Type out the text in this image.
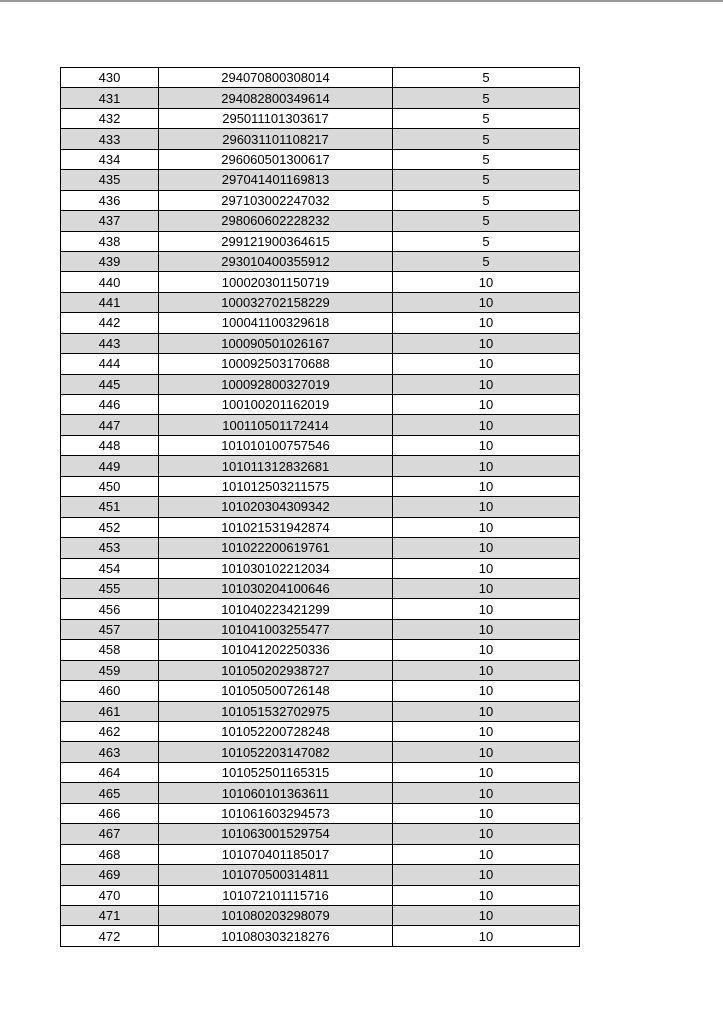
430	294070800308014	5
431	294082800349614	5
432	295011101303617	5
433	296031101108217	5
434	296060501300617	5
435	297041401169813	5
436	297103002247032	5
437	298060602228232	5
438	299121900364615	5
439	293010400355912	5
440	100020301150719	10
441	100032702158229	10
442	100041100329618	10
443	100090501026167	10
444	100092503170688	10
445	100092800327019	10
446	100100201162019	10
447	100110501172414	10
448	101010100757546	10
449	101011312832681	10
450	101012503211575	10
451	101020304309342	10
452	101021531942874	10
453	101022200619761	10
454	101030102212034	10
455	101030204100646	10
456	101040223421299	10
457	101041003255477	10
458	101041202250336	10
459	101050202938727	10
460	101050500726148	10
461	101051532702975	10
462	101052200728248	10
463	101052203147082	10
464	101052501165315	10
465	101060101363611	10
466	101061603294573	10
467	101063001529754	10
468	101070401185017	10
469	101070500314811	10
470	101072101115716	10
471	101080203298079	10
472	101080303218276	10
